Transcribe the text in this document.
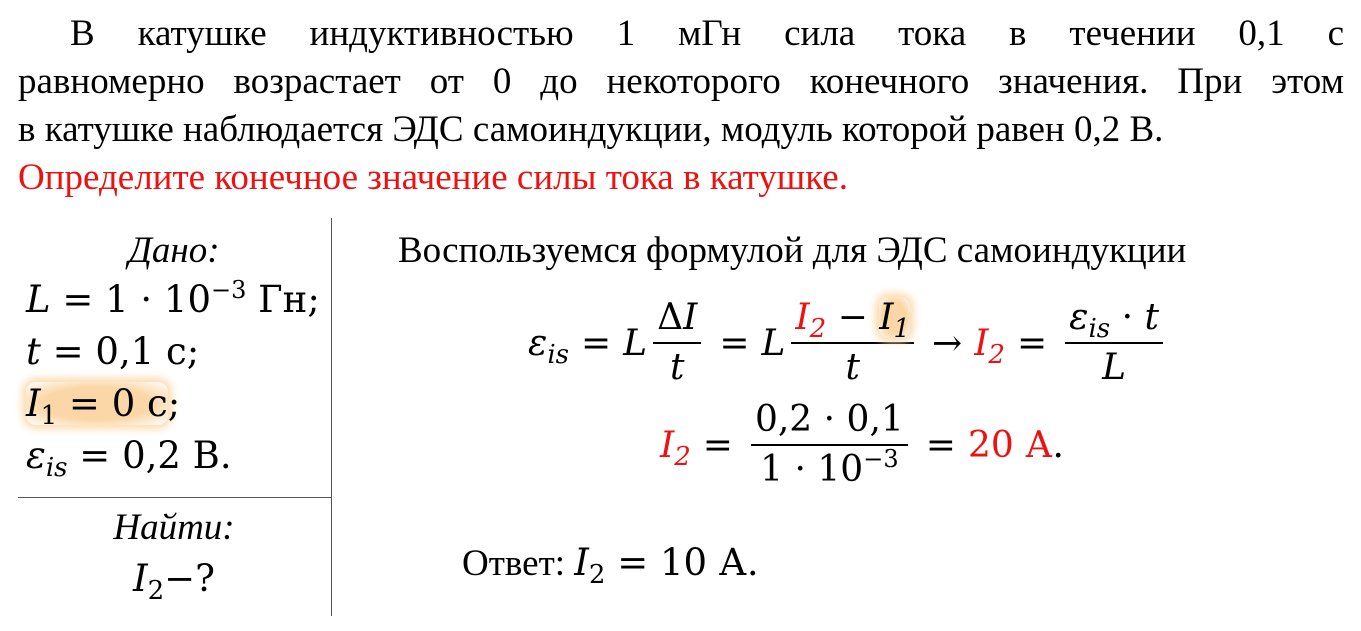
В катушке индуктивностью 1 мГн сила тока в течении 0,1 с
равномерно возрастает от 0 до некоторого конечного значения. При этом
в катушке наблюдается ЭДС самоиндукции, модуль которой равен 0,2 В.
Определите конечное значение силы тока в катушке.
Дано:
$L = 1 \cdot 10^{-3}$ Гн;
t = 0,1 с;
$I_1 = 0$ с;
$\varepsilon_{is} = 0,2$ В.
Найти:
$I_2-$?
Воспользуемся формулой для ЭДС самоиндукции
$\varepsilon_{is} = L \frac{\Delta I}{t} = L \frac{I_2 - I_1}{t} \to I_2 = \frac{\varepsilon_{is} \cdot t}{L}$
$I_2 = \frac{0,2 \cdot 0,1}{1 \cdot 10^{-3}} = 20$ А .
Ответ: $I_2 = 10$ А.
